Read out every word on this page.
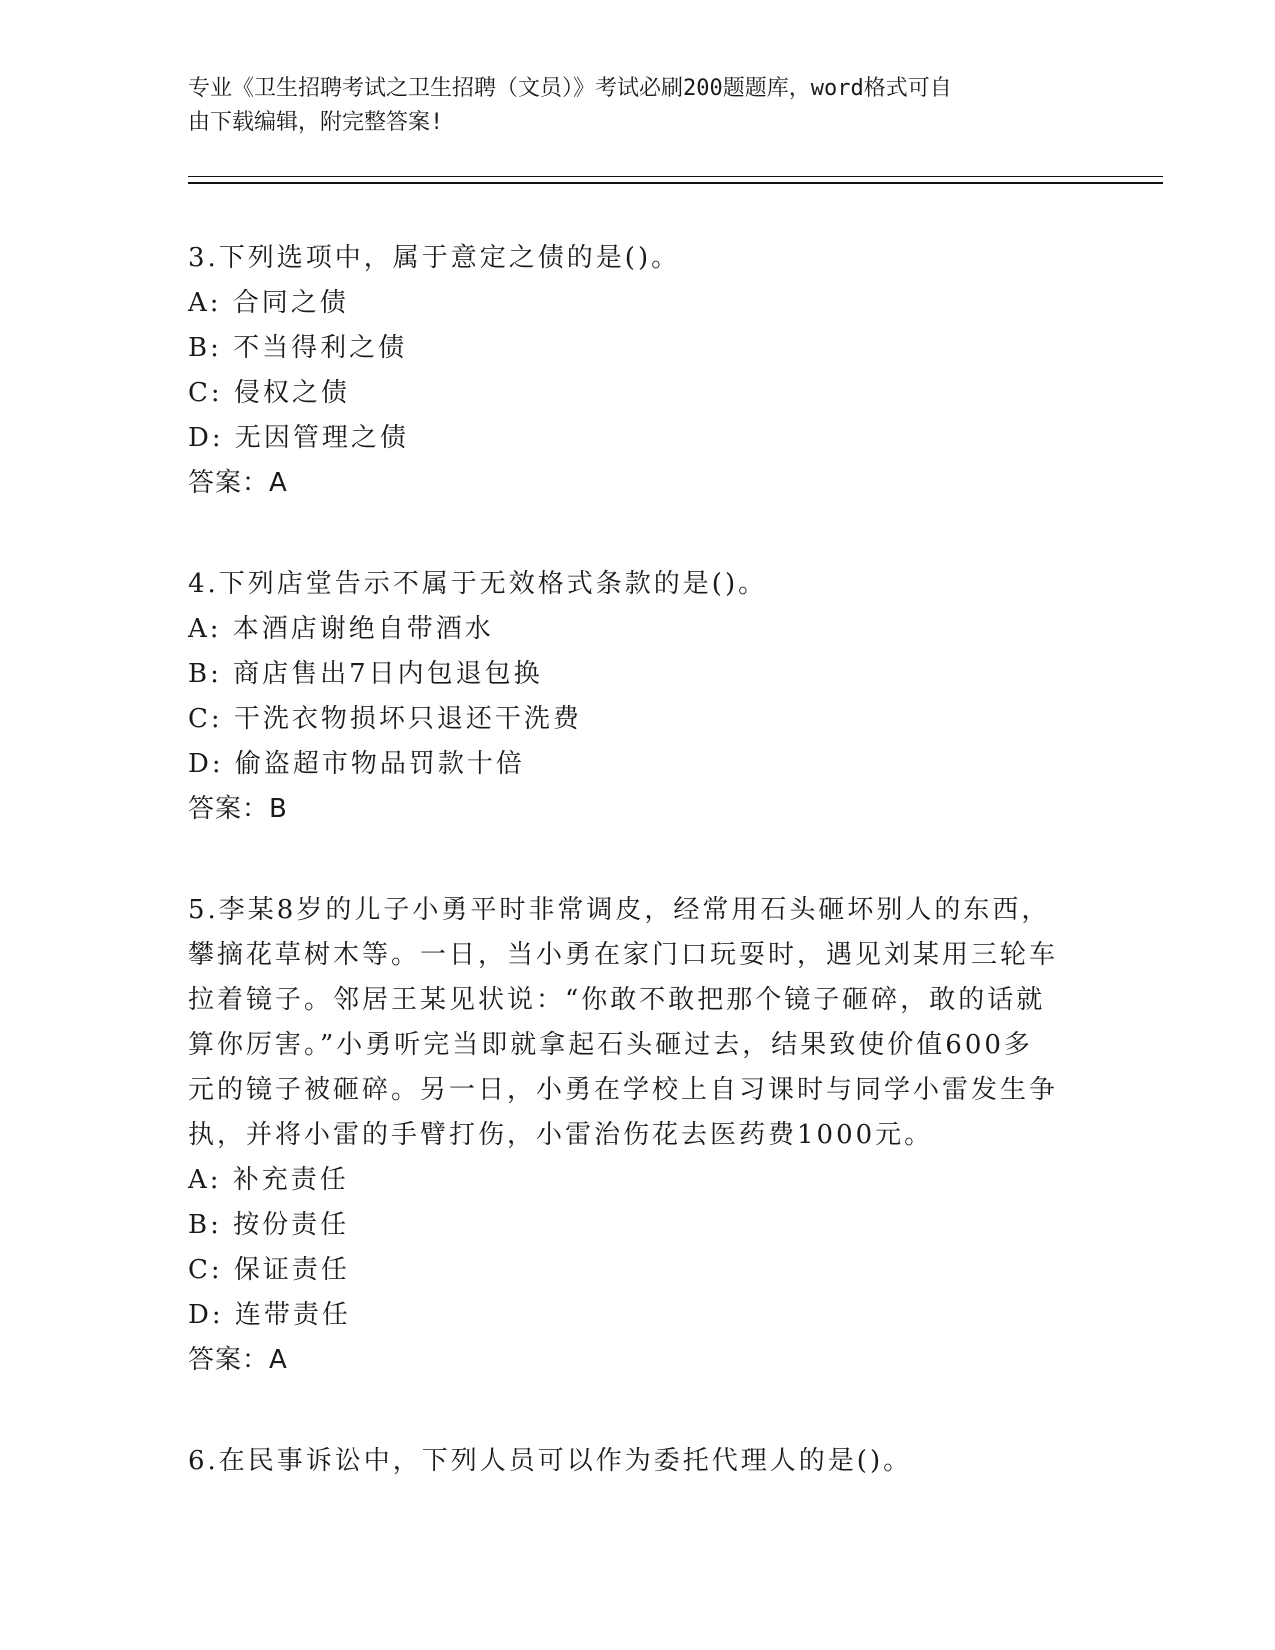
专业《卫生招聘考试之卫生招聘（文员）》考试必刷200题题库，word格式可自
由下载编辑，附完整答案!
3.下列选项中，属于意定之债的是()。
A: 合同之债
B: 不当得利之债
C: 侵权之债
D: 无因管理之债
答案：A
4.下列店堂告示不属于无效格式条款的是()。
A: 本酒店谢绝自带酒水
B: 商店售出7日内包退包换
C: 干洗衣物损坏只退还干洗费
D: 偷盗超市物品罚款十倍
答案：B
5.李某8岁的儿子小勇平时非常调皮，经常用石头砸坏别人的东西，
攀摘花草树木等。一日，当小勇在家门口玩耍时，遇见刘某用三轮车
拉着镜子。邻居王某见状说：“你敢不敢把那个镜子砸碎，敢的话就
算你厉害。”小勇听完当即就拿起石头砸过去，结果致使价值600多
元的镜子被砸碎。另一日，小勇在学校上自习课时与同学小雷发生争
执，并将小雷的手臂打伤，小雷治伤花去医药费1000元。
A: 补充责任
B: 按份责任
C: 保证责任
D: 连带责任
答案：A
6.在民事诉讼中，下列人员可以作为委托代理人的是()。
